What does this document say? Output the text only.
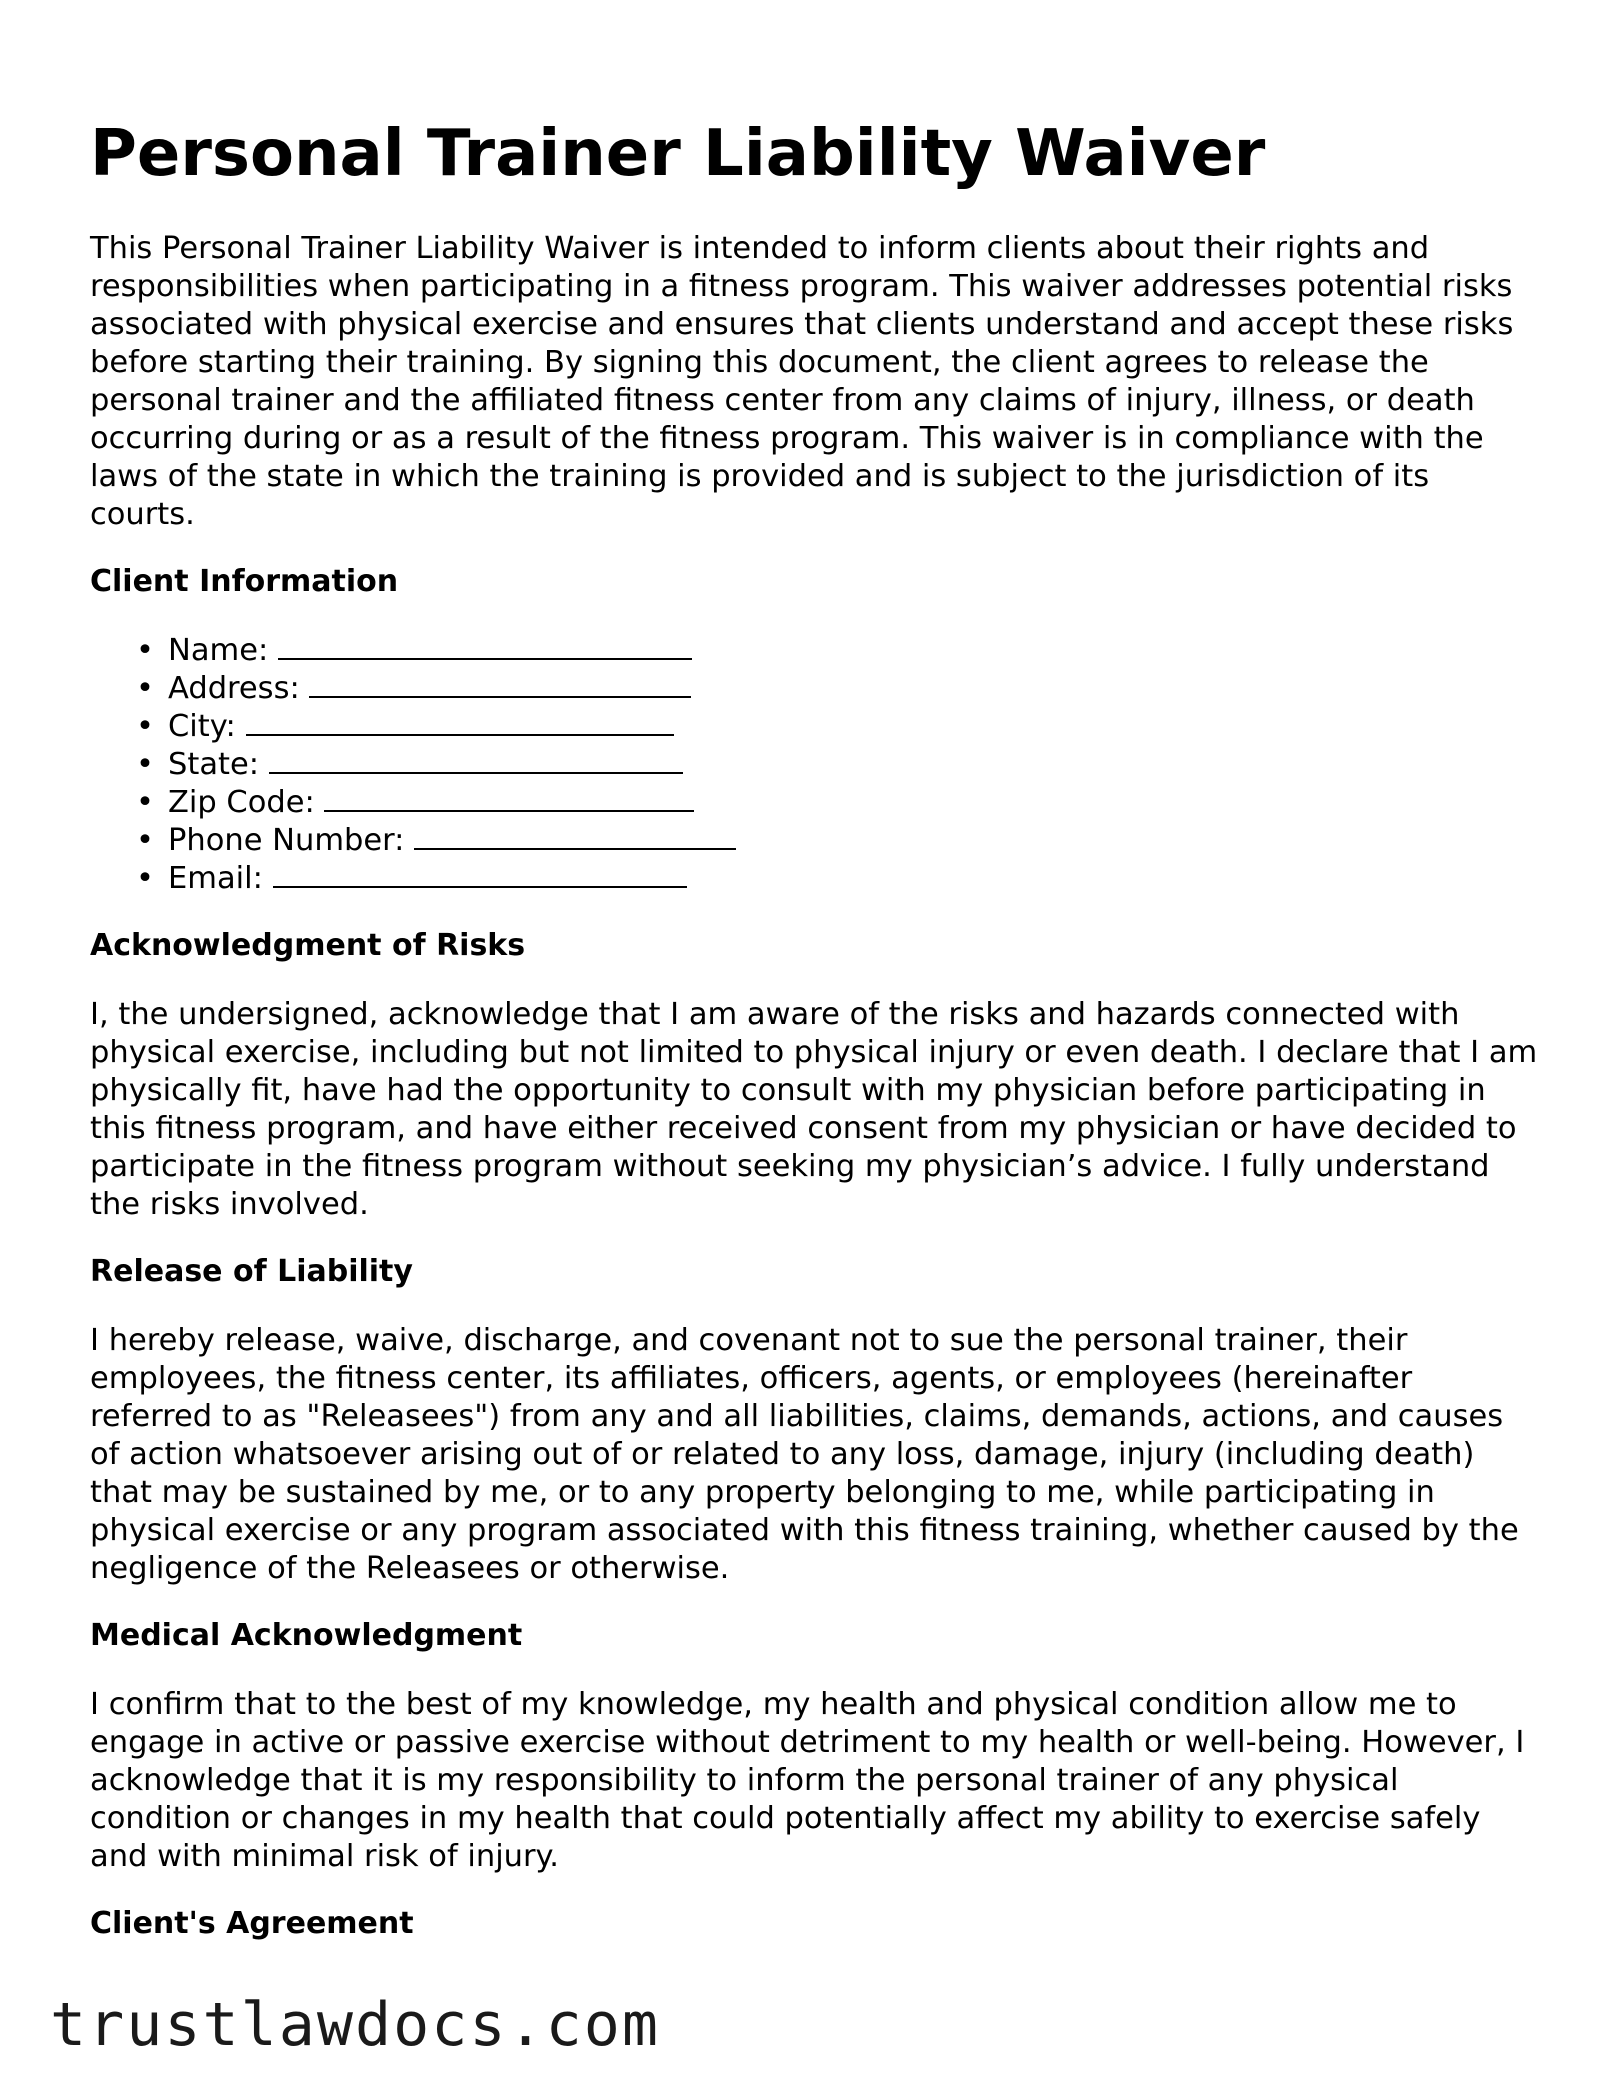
Personal Trainer Liability Waiver

This Personal Trainer Liability Waiver is intended to inform clients about their rights and responsibilities when participating in a fitness program. This waiver addresses potential risks associated with physical exercise and ensures that clients understand and accept these risks before starting their training. By signing this document, the client agrees to release the personal trainer and the affiliated fitness center from any claims of injury, illness, or death occurring during or as a result of the fitness program. This waiver is in compliance with the laws of the state in which the training is provided and is subject to the jurisdiction of its courts.

Client Information
• Name:
• Address:
• City:
• State:
• Zip Code:
• Phone Number:
• Email:
Acknowledgment of Risks

I, the undersigned, acknowledge that I am aware of the risks and hazards connected with physical exercise, including but not limited to physical injury or even death. I declare that I am physically fit, have had the opportunity to consult with my physician before participating in this fitness program, and have either received consent from my physician or have decided to participate in the fitness program without seeking my physician’s advice. I fully understand the risks involved.

Release of Liability

I hereby release, waive, discharge, and covenant not to sue the personal trainer, their employees, the fitness center, its affiliates, officers, agents, or employees (hereinafter referred to as "Releasees") from any and all liabilities, claims, demands, actions, and causes of action whatsoever arising out of or related to any loss, damage, injury (including death) that may be sustained by me, or to any property belonging to me, while participating in physical exercise or any program associated with this fitness training, whether caused by the negligence of the Releasees or otherwise.

Medical Acknowledgment

I confirm that to the best of my knowledge, my health and physical condition allow me to engage in active or passive exercise without detriment to my health or well-being. However, I acknowledge that it is my responsibility to inform the personal trainer of any physical condition or changes in my health that could potentially affect my ability to exercise safely and with minimal risk of injury.

Client's Agreement
trustlawdocs.com
